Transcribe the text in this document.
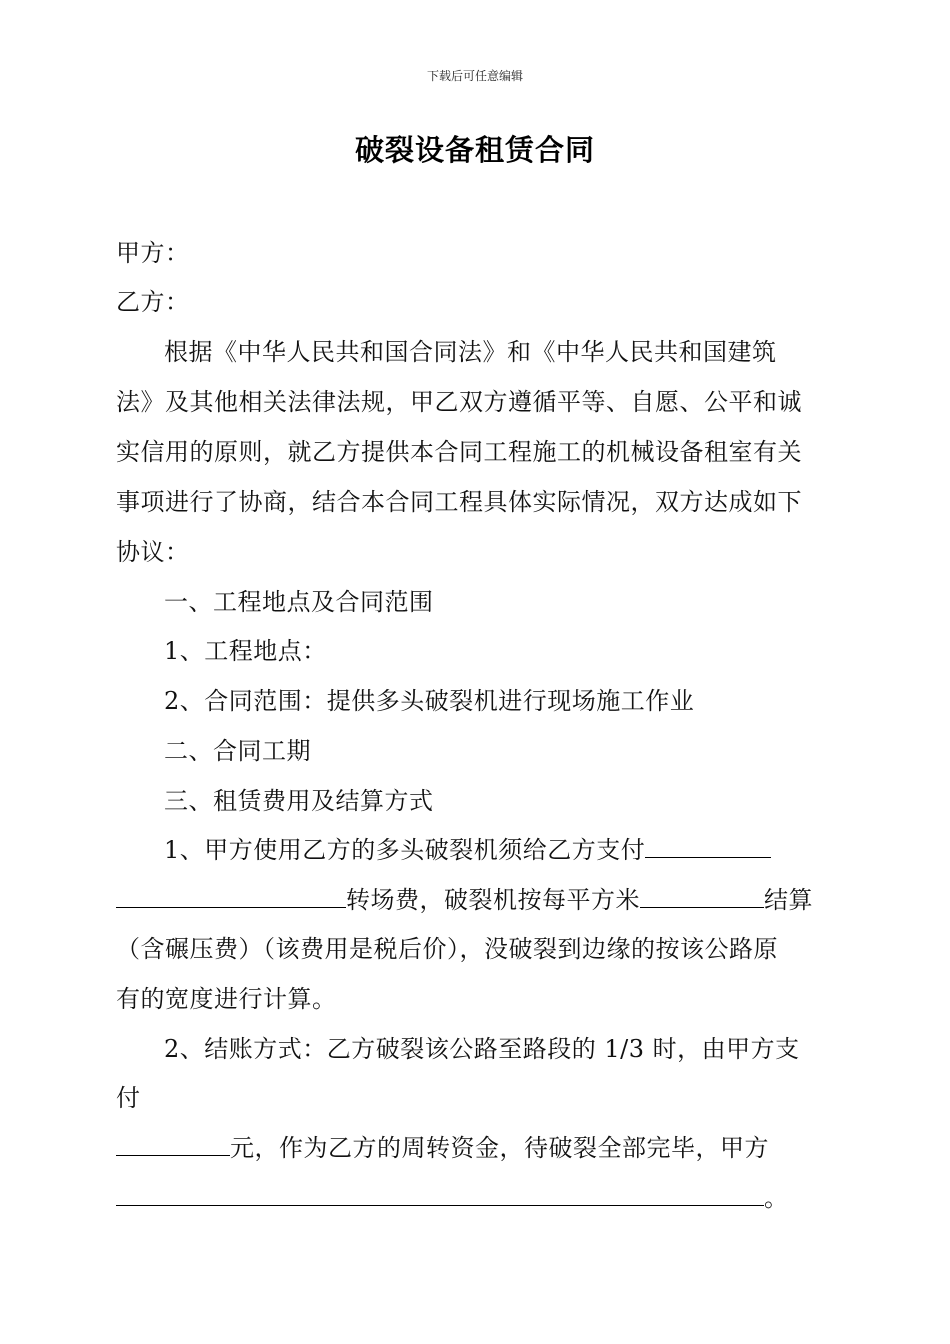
下载后可任意编辑
破裂设备租赁合同
甲方：
乙方：
根据《中华人民共和国合同法》和《中华人民共和国建筑
法》及其他相关法律法规，甲乙双方遵循平等、自愿、公平和诚
实信用的原则，就乙方提供本合同工程施工的机械设备租室有关
事项进行了协商，结合本合同工程具体实际情况，双方达成如下
协议：
一、工程地点及合同范围
1、工程地点：
2、合同范围：提供多头破裂机进行现场施工作业
二、合同工期
三、租赁费用及结算方式
1、甲方使用乙方的多头破裂机须给乙方支付
转场费，破裂机按每平方米	结算
（含碾压费）（该费用是税后价），没破裂到边缘的按该公路原
有的宽度进行计算。
2、结账方式：乙方破裂该公路至路段的 1/3 时，由甲方支
付
元，作为乙方的周转资金，待破裂全部完毕，甲方
。
